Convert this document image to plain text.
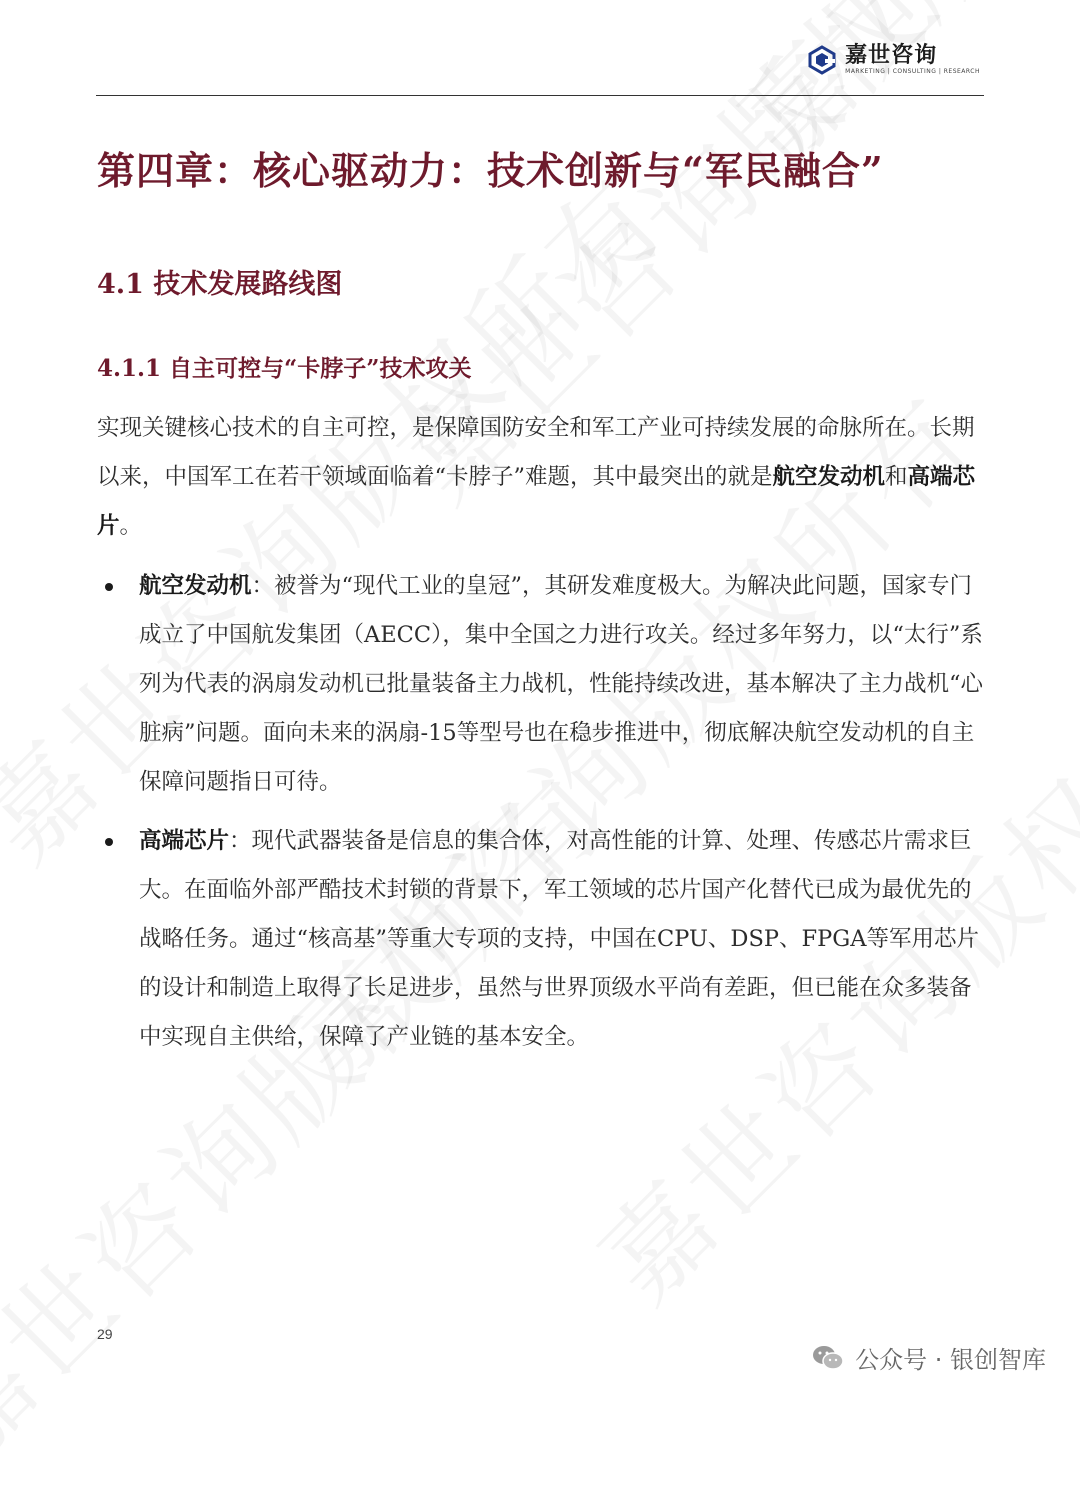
嘉世咨询
MARKETING | CONSULTING | RESEARCH
第四章：核心驱动力：技术创新与“军民融合”
4.1 技术发展路线图
4.1.1 自主可控与“卡脖子”技术攻关

实现关键核心技术的自主可控，是保障国防安全和军工产业可持续发展的命脉所在。长期以来，中国军工在若干领域面临着“卡脖子”难题，其中最突出的就是航空发动机和高端芯片。

航空发动机：被誉为“现代工业的皇冠”，其研发难度极大。为解决此问题，国家专门成立了中国航发集团（AECC），集中全国之力进行攻关。经过多年努力，以“太行”系列为代表的涡扇发动机已批量装备主力战机，性能持续改进，基本解决了主力战机“心脏病”问题。面向未来的涡扇-15等型号也在稳步推进中，彻底解决航空发动机的自主保障问题指日可待。
高端芯片：现代武器装备是信息的集合体，对高性能的计算、处理、传感芯片需求巨大。在面临外部严酷技术封锁的背景下，军工领域的芯片国产化替代已成为最优先的战略任务。通过“核高基”等重大专项的支持，中国在CPU、DSP、FPGA等军用芯片的设计和制造上取得了长足进步，虽然与世界顶级水平尚有差距，但已能在众多装备中实现自主供给，保障了产业链的基本安全。
29
公众号 · 银创智库
